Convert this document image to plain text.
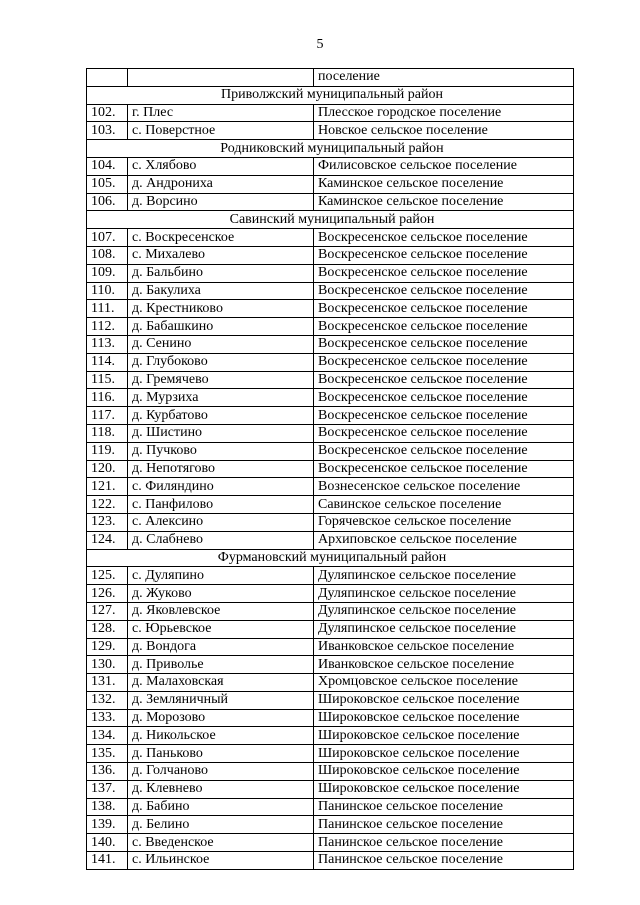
5
		поселение
Приволжский муниципальный район		
102.	г. Плес	Плесское городское поселение
103.	с. Поверстное	Новское сельское поселение
Родниковский муниципальный район		
104.	с. Хлябово	Филисовское сельское поселение
105.	д. Андрониха	Каминское сельское поселение
106.	д. Ворсино	Каминское сельское поселение
Савинский муниципальный район		
107.	с. Воскресенское	Воскресенское сельское поселение
108.	с. Михалево	Воскресенское сельское поселение
109.	д. Бальбино	Воскресенское сельское поселение
110.	д. Бакулиха	Воскресенское сельское поселение
111.	д. Крестниково	Воскресенское сельское поселение
112.	д. Бабашкино	Воскресенское сельское поселение
113.	д. Сенино	Воскресенское сельское поселение
114.	д. Глубоково	Воскресенское сельское поселение
115.	д. Гремячево	Воскресенское сельское поселение
116.	д. Мурзиха	Воскресенское сельское поселение
117.	д. Курбатово	Воскресенское сельское поселение
118.	д. Шистино	Воскресенское сельское поселение
119.	д. Пучково	Воскресенское сельское поселение
120.	д. Непотягово	Воскресенское сельское поселение
121.	с. Филяндино	Вознесенское сельское поселение
122.	с. Панфилово	Савинское сельское поселение
123.	с. Алексино	Горячевское сельское поселение
124.	д. Слабнево	Архиповское сельское поселение
Фурмановский муниципальный район		
125.	с. Дуляпино	Дуляпинское сельское поселение
126.	д. Жуково	Дуляпинское сельское поселение
127.	д. Яковлевское	Дуляпинское сельское поселение
128.	с. Юрьевское	Дуляпинское сельское поселение
129.	д. Вондога	Иванковское сельское поселение
130.	д. Приволье	Иванковское сельское поселение
131.	д. Малаховская	Хромцовское сельское поселение
132.	д. Земляничный	Широковское сельское поселение
133.	д. Морозово	Широковское сельское поселение
134.	д. Никольское	Широковское сельское поселение
135.	д. Паньково	Широковское сельское поселение
136.	д. Голчаново	Широковское сельское поселение
137.	д. Клевнево	Широковское сельское поселение
138.	д. Бабино	Панинское сельское поселение
139.	д. Белино	Панинское сельское поселение
140.	с. Введенское	Панинское сельское поселение
141.	с. Ильинское	Панинское сельское поселение
